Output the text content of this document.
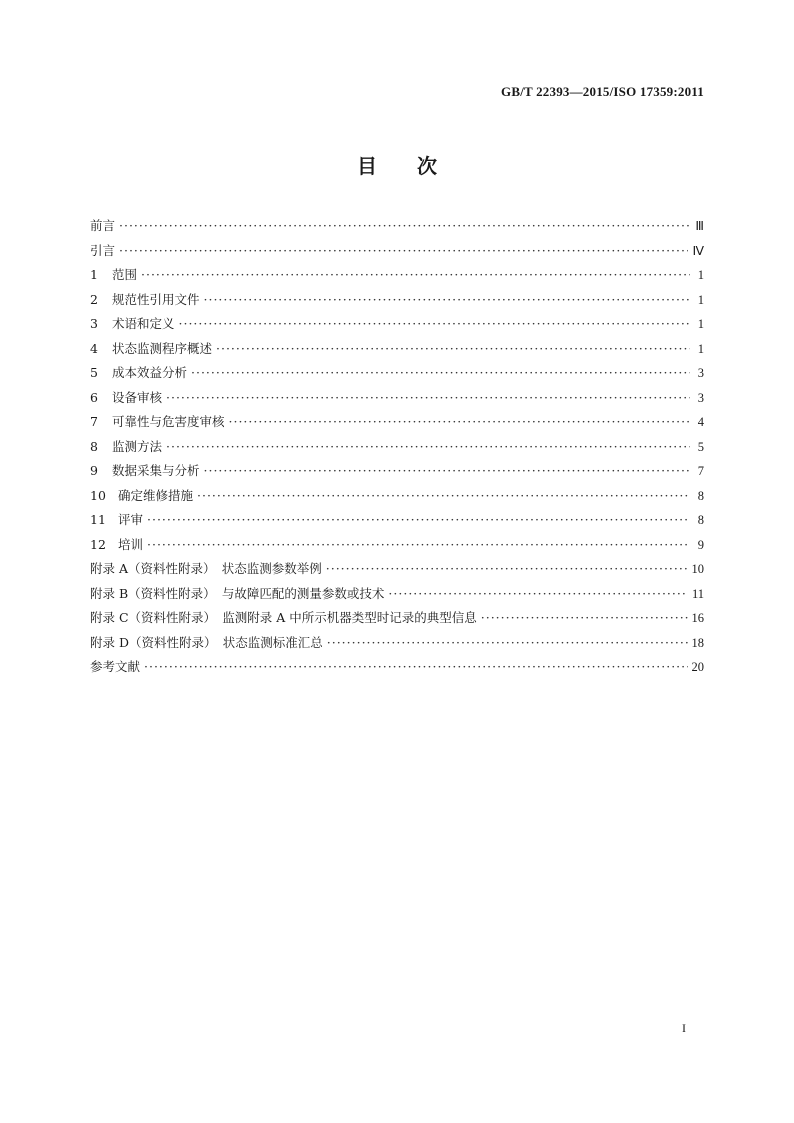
GB/T 22393—2015/ISO 17359:2011
目次
前言 ·····	Ⅲ
引言 ·····	Ⅳ
1	范围 ·····	1
2	规范性引用文件 ·····	1
3	术语和定义 ·····	1
4	状态监测程序概述 ·····	1
5	成本效益分析 ·····	3
6	设备审核 ·····	3
7	可靠性与危害度审核 ·····	4
8	监测方法 ·····	5
9	数据采集与分析 ·····	7
10 确定维修措施 ·····	8
11 评审 ·····	8
12 培训 ·····	9
附录 A（资料性附录）　状态监测参数举例 ·····	10
附录 B（资料性附录）　与故障匹配的测量参数或技术 ·····	11
附录 C（资料性附录）　监测附录 A 中所示机器类型时记录的典型信息 ·····	16
附录 D（资料性附录）　状态监测标准汇总 ·····	18
参考文献 ·····	20
I
